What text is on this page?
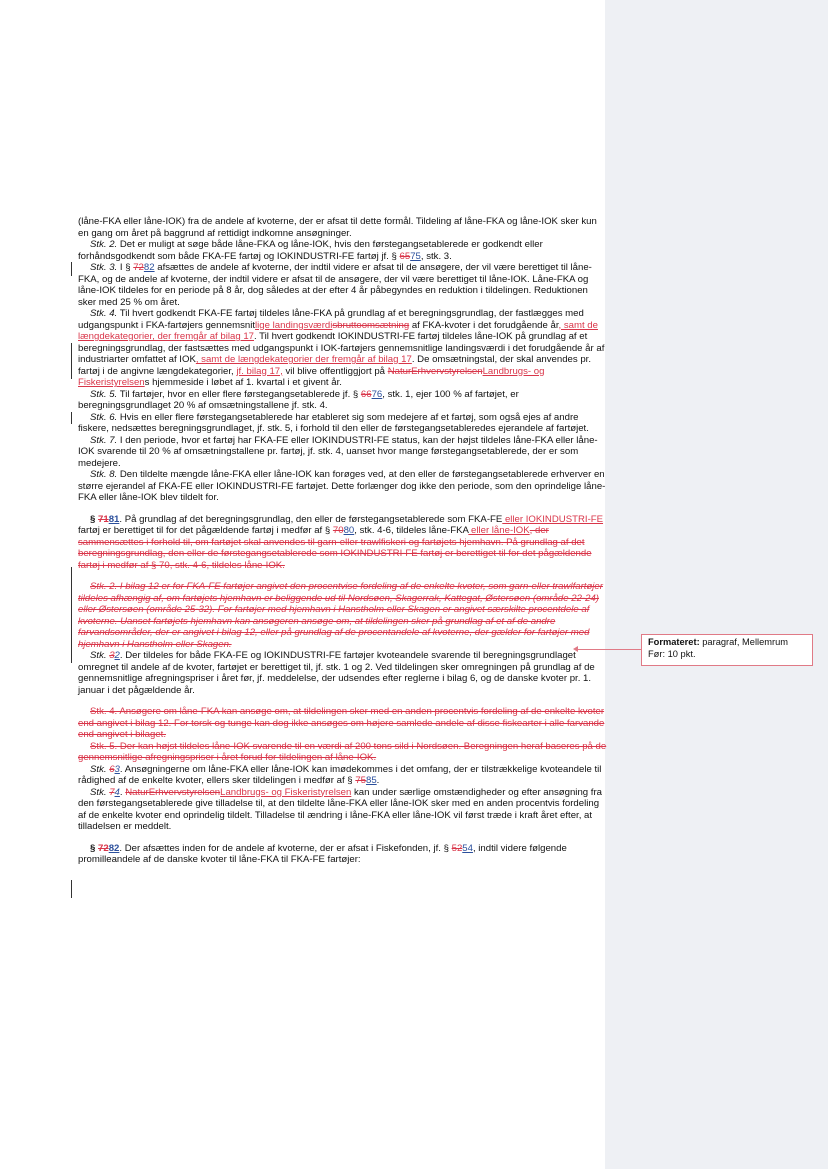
Formateret: paragraf, Mellemrum Før: 10 pkt.

(låne-FKA eller låne-IOK) fra de andele af kvoterne, der er afsat til dette formål. Tildeling af låne-FKA og låne-IOK sker kun en gang om året på baggrund af rettidigt indkomne ansøgninger.

Stk. 2. Det er muligt at søge både låne-FKA og låne-IOK, hvis den førstegangsetablerede er godkendt eller forhåndsgodkendt som både FKA-FE fartøj og IOKINDUSTRI-FE fartøj jf. § 6575, stk. 3.

Stk. 3. I § 7282 afsættes de andele af kvoterne, der indtil videre er afsat til de ansøgere, der vil være berettiget til låne-FKA, og de andele af kvoterne, der indtil videre er afsat til de ansøgere, der vil være berettiget til låne-IOK. Låne-FKA og låne-IOK tildeles for en periode på 8 år, dog således at der efter 4 år påbegyndes en reduktion i tildelingen. Reduktionen sker med 25 % om året.

Stk. 4. Til hvert godkendt FKA-FE fartøj tildeles låne-FKA på grundlag af et beregningsgrundlag, der fastlægges med udgangspunkt i FKA-fartøjers gennemsnitlige landingsværdisbruttoomsætning af FKA-kvoter i det forudgående år, samt de længdekategorier, der fremgår af bilag 17. Til hvert godkendt IOKINDUSTRI-FE fartøj tildeles låne-IOK på grundlag af et beregningsgrundlag, der fastsættes med udgangspunkt i IOK-fartøjers gennemsnitlige landingsværdi i det forudgående år af industriarter omfattet af IOK, samt de længdekategorier der fremgår af bilag 17. De omsætningstal, der skal anvendes pr. fartøj i de angivne længdekategorier, jf. bilag 17, vil blive offentliggjort på NaturErhvervstyrelsenLandbrugs- og Fiskeristyrelsens hjemmeside i løbet af 1. kvartal i et givent år.

Stk. 5. Til fartøjer, hvor en eller flere førstegangsetablerede jf. § 6676, stk. 1, ejer 100 % af fartøjet, er beregningsgrundlaget 20 % af omsætningstallene jf. stk. 4.

Stk. 6. Hvis en eller flere førstegangsetablerede har etableret sig som medejere af et fartøj, som også ejes af andre fiskere, nedsættes beregningsgrundlaget, jf. stk. 5, i forhold til den eller de førstegangsetableredes ejerandele af fartøjet.

Stk. 7. I den periode, hvor et fartøj har FKA-FE eller IOKINDUSTRI-FE status, kan der højst tildeles låne-FKA eller låne-IOK svarende til 20 % af omsætningstallene pr. fartøj, jf. stk. 4, uanset hvor mange førstegangsetablerede, der er som medejere.

Stk. 8. Den tildelte mængde låne-FKA eller låne-IOK kan forøges ved, at den eller de førstegangsetablerede erhverver en større ejerandel af FKA-FE eller IOKINDUSTRI-FE fartøjet. Dette forlænger dog ikke den periode, som den oprindelige låne-FKA eller låne-IOK blev tildelt for.

§ 7181. På grundlag af det beregningsgrundlag, den eller de førstegangsetablerede som FKA-FE eller IOKINDUSTRI-FE fartøj er berettiget til for det pågældende fartøj i medfør af § 7080, stk. 4-6, tildeles låne-FKA eller låne-IOK, der sammensættes i forhold til, om fartøjet skal anvendes til garn-eller trawlfiskeri og fartøjets hjemhavn. På grundlag af det beregningsgrundlag, den eller de førstegangsetablerede som IOKINDUSTRI-FE fartøj er berettiget til for det pågældende fartøj i medfør af § 70, stk. 4-6, tildeles låne-IOK.

Stk. 2. I bilag 12 er for FKA-FE fartøjer angivet den procentvise fordeling af de enkelte kvoter, som garn-eller trawlfartøjer tildeles afhængig af, om fartøjets hjemhavn er beliggende ud til Nordsøen, Skagerrak, Kattegat, Østersøen (område 22-24) eller Østersøen (område 25-32). For fartøjer med hjemhavn i Hanstholm eller Skagen er angivet særskilte procentdele af kvoterne. Uanset fartøjets hjemhavn kan ansøgeren ansøge om, at tildelingen sker på grundlag af et af de andre farvandsområder, der er angivet i bilag 12, eller på grundlag af de procentandele af kvoterne, der gælder for fartøjer med hjemhavn i Hanstholm eller Skagen.

Stk. 32. Der tildeles for både FKA-FE og IOKINDUSTRI-FE fartøjer kvoteandele svarende til beregningsgrundlaget omregnet til andele af de kvoter, fartøjet er berettiget til, jf. stk. 1 og 2. Ved tildelingen sker omregningen på grundlag af de gennemsnitlige afregningspriser i året før, jf. meddelelse, der udsendes efter reglerne i bilag 6, og de danske kvoter pr. 1. januar i det pågældende år.

Stk. 4. Ansøgere om låne-FKA kan ansøge om, at tildelingen sker med en anden procentvis fordeling af de enkelte kvoter end angivet i bilag 12. For torsk og tunge kan dog ikke ansøges om højere samlede andele af disse fiskearter i alle farvande end angivet i bilaget.

Stk. 5. Der kan højst tildeles låne-IOK svarende til en værdi af 200 tons sild i Nordsøen. Beregningen heraf baseres på de gennemsnitlige afregningspriser i året forud for tildelingen af låne-IOK.

Stk. 63. Ansøgningerne om låne-FKA eller låne-IOK kan imødekommes i det omfang, der er tilstrækkelige kvoteandele til rådighed af de enkelte kvoter, ellers sker tildelingen i medfør af § 7585.

Stk. 74. NaturErhvervstyrelsenLandbrugs- og Fiskeristyrelsen kan under særlige omstændigheder og efter ansøgning fra den førstegangsetablerede give tilladelse til, at den tildelte låne-FKA eller låne-IOK sker med en anden procentvis fordeling af de enkelte kvoter end oprindelig tildelt. Tilladelse til ændring i låne-FKA eller låne-IOK vil først træde i kraft året efter, at tilladelsen er meddelt.

§ 7282. Der afsættes inden for de andele af kvoterne, der er afsat i Fiskefonden, jf. § 5254, indtil videre følgende promilleandele af de danske kvoter til låne-FKA til FKA-FE fartøjer:
